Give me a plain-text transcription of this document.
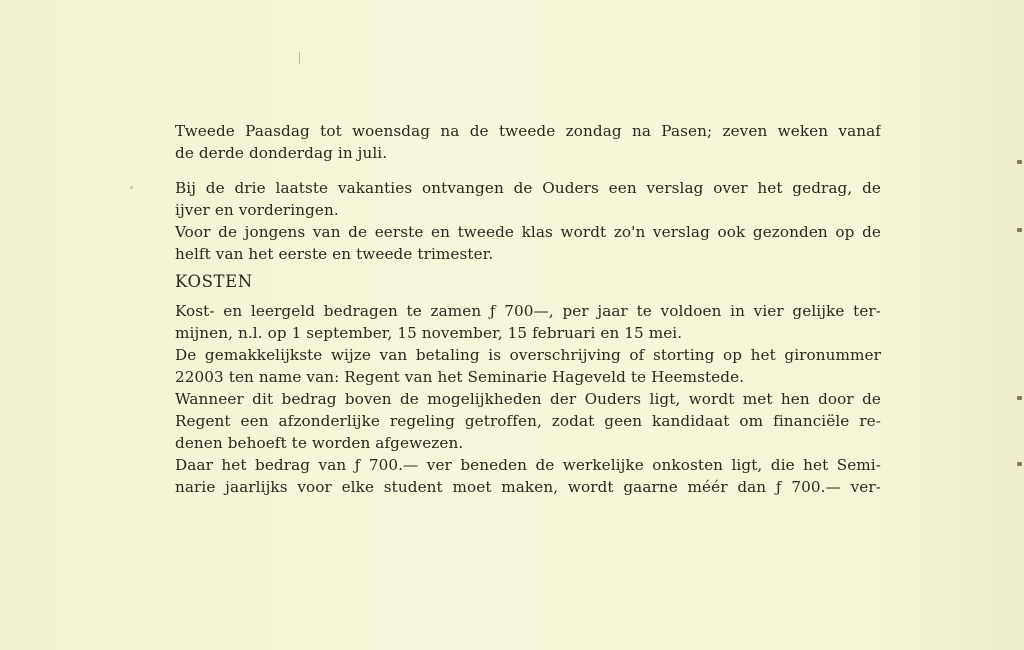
Tweede Paasdag tot woensdag na de tweede zondag na Pasen; zeven weken vanaf
de derde donderdag in juli.

Bij de drie laatste vakanties ontvangen de Ouders een verslag over het gedrag, de
ijver en vorderingen.

Voor de jongens van de eerste en tweede klas wordt zo'n verslag ook gezonden op de
helft van het eerste en tweede trimester.

KOSTEN

Kost- en leergeld bedragen te zamen ƒ 700—, per jaar te voldoen in vier gelijke ter-
mijnen, n.l. op 1 september, 15 november, 15 februari en 15 mei.

De gemakkelijkste wijze van betaling is overschrijving of storting op het gironummer
22003 ten name van: Regent van het Seminarie Hageveld te Heemstede.

Wanneer dit bedrag boven de mogelijkheden der Ouders ligt, wordt met hen door de
Regent een afzonderlijke regeling getroffen, zodat geen kandidaat om financiële re-
denen behoeft te worden afgewezen.

Daar het bedrag van ƒ 700.— ver beneden de werkelijke onkosten ligt, die het Semi-
narie jaarlijks voor elke student moet maken, wordt gaarne méér dan ƒ 700.— ver-
